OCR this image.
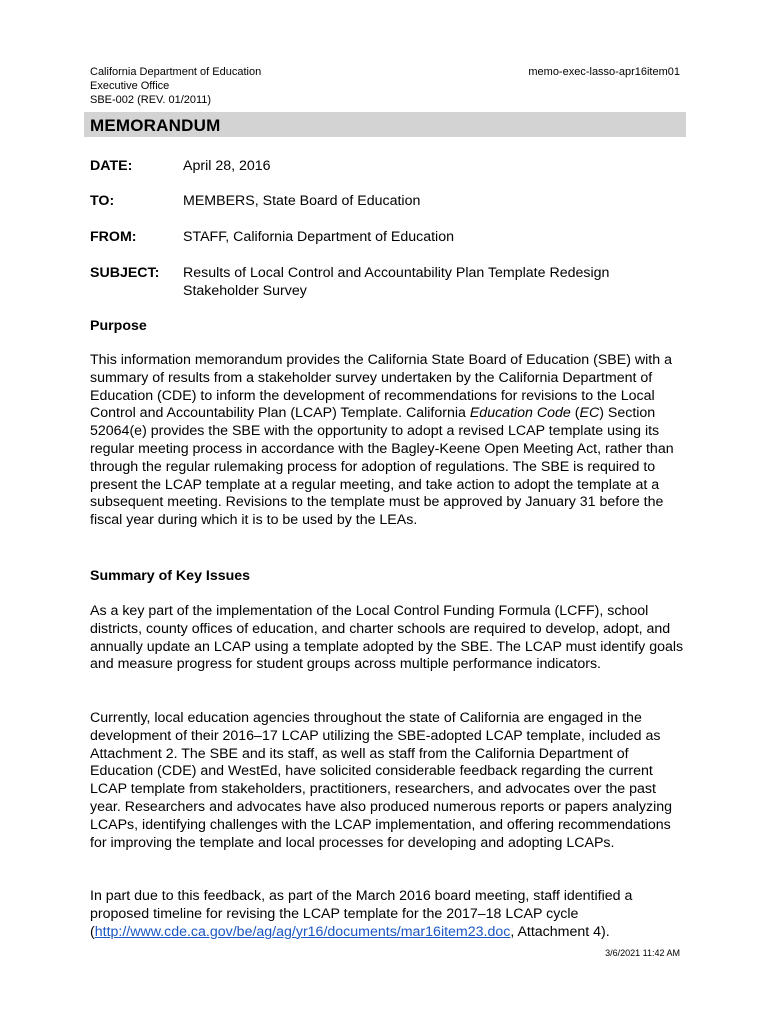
California Department of Education
Executive Office
SBE-002 (REV. 01/2011)
memo-exec-lasso-apr16item01
MEMORANDUM
DATE:	April 28, 2016
TO:	MEMBERS, State Board of Education
FROM:	STAFF, California Department of Education
SUBJECT: Results of Local Control and Accountability Plan Template Redesign Stakeholder Survey
Purpose
This information memorandum provides the California State Board of Education (SBE) with a summary of results from a stakeholder survey undertaken by the California Department of Education (CDE) to inform the development of recommendations for revisions to the Local Control and Accountability Plan (LCAP) Template. California Education Code (EC) Section 52064(e) provides the SBE with the opportunity to adopt a revised LCAP template using its regular meeting process in accordance with the Bagley-Keene Open Meeting Act, rather than through the regular rulemaking process for adoption of regulations. The SBE is required to present the LCAP template at a regular meeting, and take action to adopt the template at a subsequent meeting. Revisions to the template must be approved by January 31 before the fiscal year during which it is to be used by the LEAs.
Summary of Key Issues
As a key part of the implementation of the Local Control Funding Formula (LCFF), school districts, county offices of education, and charter schools are required to develop, adopt, and annually update an LCAP using a template adopted by the SBE. The LCAP must identify goals and measure progress for student groups across multiple performance indicators.
Currently, local education agencies throughout the state of California are engaged in the development of their 2016–17 LCAP utilizing the SBE-adopted LCAP template, included as Attachment 2. The SBE and its staff, as well as staff from the California Department of Education (CDE) and WestEd, have solicited considerable feedback regarding the current LCAP template from stakeholders, practitioners, researchers, and advocates over the past year. Researchers and advocates have also produced numerous reports or papers analyzing LCAPs, identifying challenges with the LCAP implementation, and offering recommendations for improving the template and local processes for developing and adopting LCAPs.
In part due to this feedback, as part of the March 2016 board meeting, staff identified a proposed timeline for revising the LCAP template for the 2017–18 LCAP cycle (http://www.cde.ca.gov/be/ag/ag/yr16/documents/mar16item23.doc, Attachment 4).
3/6/2021 11:42 AM
